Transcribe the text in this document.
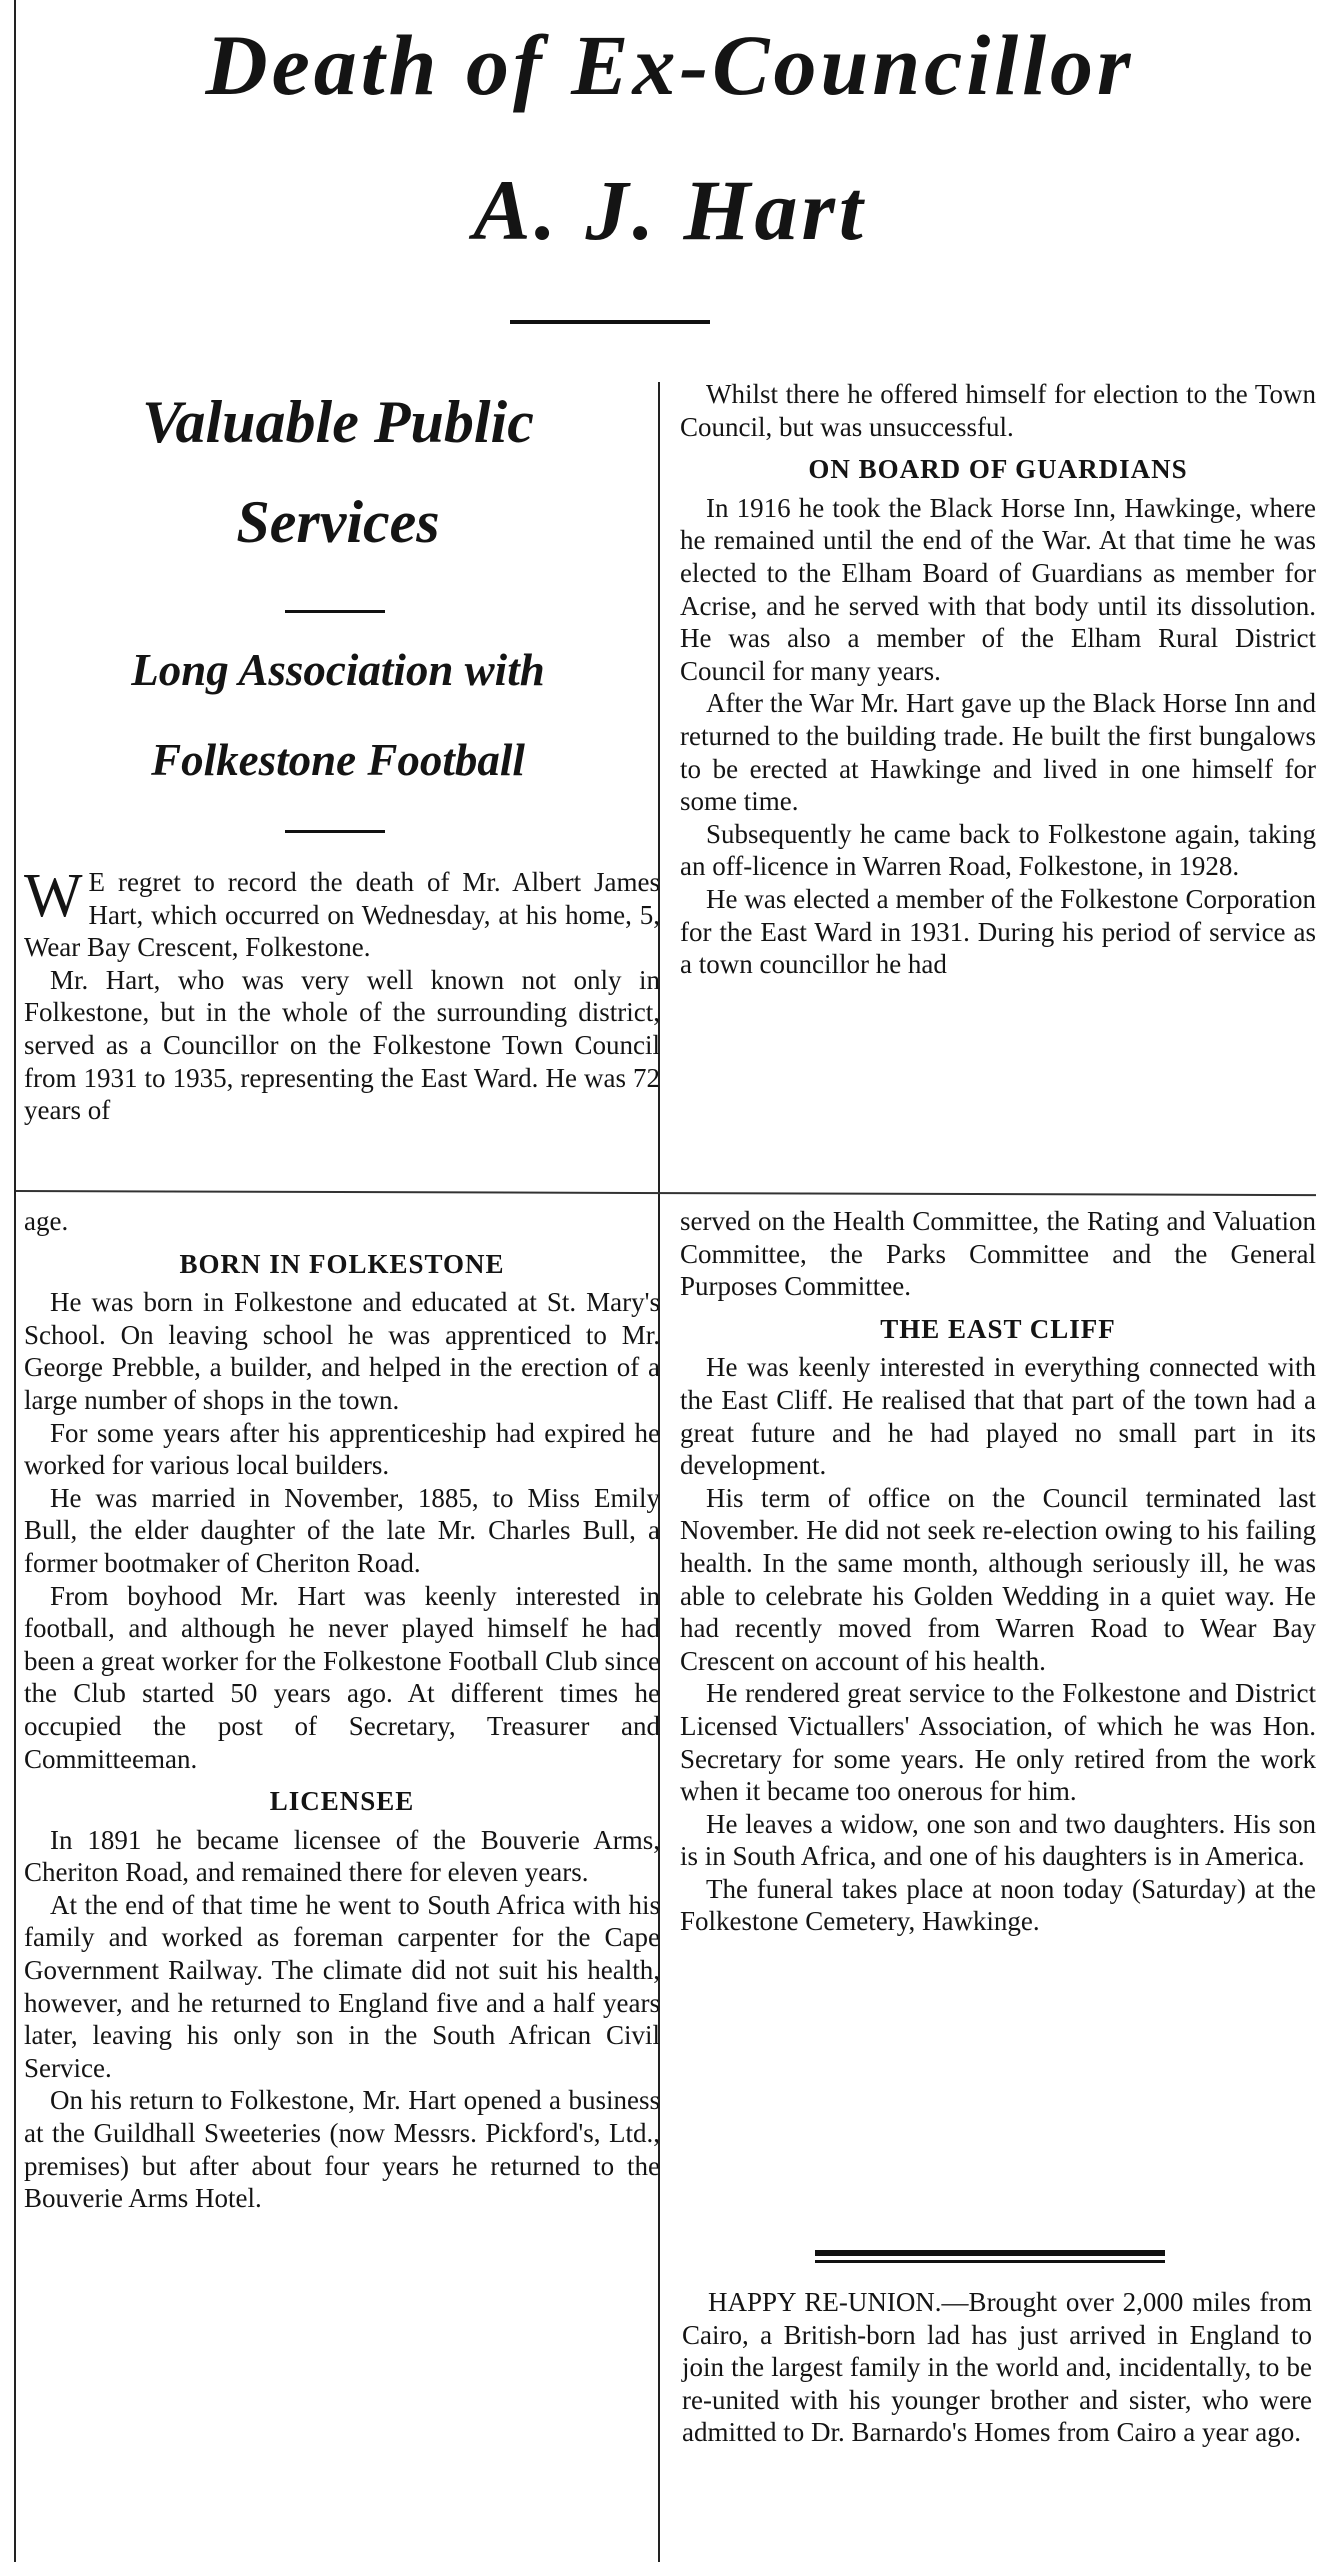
Death of Ex-Councillor
A. J. Hart
Valuable Public
Services
Long Association with
Folkestone Football

W E regret to record the death of Mr. Albert James Hart, which occurred on Wednesday, at his home, 5, Wear Bay Crescent, Folkestone.

Mr. Hart, who was very well known not only in Folkestone, but in the whole of the surrounding district, served as a Councillor on the Folkestone Town Council from 1931 to 1935, representing the East Ward. He was 72 years of

Whilst there he offered himself for election to the Town Council, but was unsuccessful.

ON BOARD OF GUARDIANS

In 1916 he took the Black Horse Inn, Hawkinge, where he remained until the end of the War. At that time he was elected to the Elham Board of Guardians as member for Acrise, and he served with that body until its dissolution. He was also a member of the Elham Rural District Council for many years.

After the War Mr. Hart gave up the Black Horse Inn and returned to the building trade. He built the first bungalows to be erected at Hawkinge and lived in one himself for some time.

Subsequently he came back to Folkestone again, taking an off-licence in Warren Road, Folkestone, in 1928.

He was elected a member of the Folkestone Corporation for the East Ward in 1931. During his period of service as a town councillor he had

age.

BORN IN FOLKESTONE

He was born in Folkestone and educated at St. Mary's School. On leaving school he was apprenticed to Mr. George Prebble, a builder, and helped in the erection of a large number of shops in the town.

For some years after his apprenticeship had expired he worked for various local builders.

He was married in November, 1885, to Miss Emily Bull, the elder daughter of the late Mr. Charles Bull, a former bootmaker of Cheriton Road.

From boyhood Mr. Hart was keenly interested in football, and although he never played himself he had been a great worker for the Folkestone Football Club since the Club started 50 years ago. At different times he occupied the post of Secretary, Treasurer and Committeeman.

LICENSEE

In 1891 he became licensee of the Bouverie Arms, Cheriton Road, and remained there for eleven years.

At the end of that time he went to South Africa with his family and worked as foreman carpenter for the Cape Government Railway. The climate did not suit his health, however, and he returned to England five and a half years later, leaving his only son in the South African Civil Service.

On his return to Folkestone, Mr. Hart opened a business at the Guildhall Sweeteries (now Messrs. Pickford's, Ltd., premises) but after about four years he returned to the Bouverie Arms Hotel.

served on the Health Committee, the Rating and Valuation Committee, the Parks Committee and the General Purposes Committee.

THE EAST CLIFF

He was keenly interested in everything connected with the East Cliff. He realised that that part of the town had a great future and he had played no small part in its development.

His term of office on the Council terminated last November. He did not seek re-election owing to his failing health. In the same month, although seriously ill, he was able to celebrate his Golden Wedding in a quiet way. He had recently moved from Warren Road to Wear Bay Crescent on account of his health.

He rendered great service to the Folkestone and District Licensed Victuallers' Association, of which he was Hon. Secretary for some years. He only retired from the work when it became too onerous for him.

He leaves a widow, one son and two daughters. His son is in South Africa, and one of his daughters is in America.

The funeral takes place at noon today (Saturday) at the Folkestone Cemetery, Hawkinge.

HAPPY RE-UNION.—Brought over 2,000 miles from Cairo, a British-born lad has just arrived in England to join the largest family in the world and, incidentally, to be re-united with his younger brother and sister, who were admitted to Dr. Barnardo's Homes from Cairo a year ago.
